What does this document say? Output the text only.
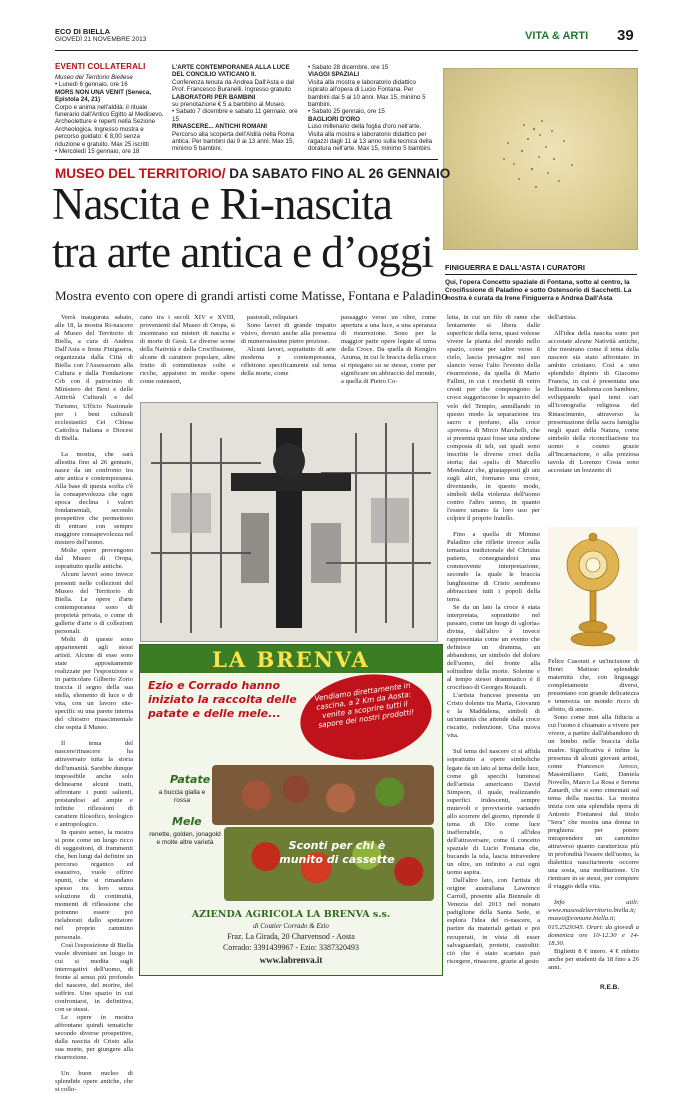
ECO DI BIELLA
GIOVEDÌ 21 NOVEMBRE 2013	VITA & ARTI 39
EVENTI COLLATERALI
Museo del Territorio Biellese
• Lunedì 6 gennaio, ore 16
MORS NON UNA VENIT (Seneca, Epistola 24, 21)
Corpo e anima nell'aldilà: il rituale funerario dall'Antico Egitto al Medioevo. Archeoletture e reperti nella Sezione Archeologica. Ingresso mostra e percorso guidato: € 8,00 senza riduzione e gratuito. Max 25 iscritti
• Mercoledì 15 gennaio, ore 18
L'ARTE CONTEMPORANEA ALLA LUCE DEL CONCILIO VATICANO II.
Conferenza tenuta da Andrea Dall'Asta e dal Prof. Francesco Buranelli. Ingresso gratuito
LABORATORI PER BAMBINI
su prenotazione € 5 a bambino al Museo.
• Sabato 7 dicembre e sabato 11 gennaio, ore 15
RINASCERE... ANTICHI ROMANI
Percorso alla scoperta dell'Aldilà nella Roma antica. Per bambini dai 9 ai 13 anni. Max 15, minimo 5 bambini.
• Sabato 28 dicembre, ore 15
VIAGGI SPAZIALI
Visita alla mostra e laboratorio didattico ispirato all'opera di Lucio Fontana. Per bambini dai 5 ai 10 anni. Max 15, minimo 5 bambini.
• Sabato 25 gennaio, ore 15
BAGLIORI D'ORO
Luso millenario della foglia d'oro nell'arte.
Visita alla mostra e laboratorio didattico per ragazzi dagli 11 ai 13 anno sulla tecnica della doratura nell'arte. Max 15, minimo 5 bambini.
MUSEO DEL TERRITORIO/ DA SABATO FINO AL 26 GENNAIO
Nascita e Ri-nascita
tra arte antica e d’oggi
Mostra evento con opere di grandi artisti come Matisse, Fontana e Paladino
FINIGUERRA E DALL'ASTA I CURATORI
Qui, l'opera Concetto spaziale di Fontana, sotto al centro, la Crocifissione di Paladino e sotto Ostensorio di Sacchetti. La mostra è curata da Irene Finiguerra e Andrea Dall'Asta

Verrà inaugurata sabato, alle 18, la mostra Ri-nascere al Museo del Territorio di Biella, a cura di Andrea Dall'Asta e Irene Finiguerra, organizzata dalla Città di Biella con l'Assessorato alla Cultura e dalla Fondazione Crb con il patrocinio di Ministero dei Beni e delle Attività Culturali e del Turismo, Ufficio Nazionale per i beni culturali ecclesiastici Cei Chiesa Cattolica Italiana e Diocesi di Biella.

La mostra, che sarà allestita fino al 26 gennaio, nasce da un confronto tra arte antica e contemporanea. Alla base di questa scelta c'è la consapevolezza che ogni epoca declina i valori fondamentali, secondo prospettive che permettono di entrare con sempre maggiore consapevolezza nel mistero dell'uomo.

Molte opere provengono dal Museo di Oropa, soprattutto quelle antiche.

Alcuni lavori sono invece presenti nelle collezioni del Museo del Territorio di Biella. Le opere d'arte contemporanea sono di proprietà privata, o come di gallerie d'arte o di collezioni personali.

Molti di queste sono appartenenti agli stessi artisti. Alcune di esse sono state appositamente realizzate per l'esposizione e in particolare Gilberto Zorio traccia il segno della sua stella, elemento di luce e di vita, con un lavoro site-specific su una parete interna del chiostro rinascimentale che ospita il Museo.

Il tema del nascere/rinascere ha attraversato tutta la storia dell'umanità. Sarebbe dunque impossibile anche solo delinearne alcuni tratti, affrontare i punti salienti, prestandosi ad ampie e infinite riflessioni di carattere filosofico, teologico e antropologico.

In questo senso, la mostra si pone come un luogo ricco di suggestioni, di frammenti che, ben lungi dal definire un percorso organico ed esaustivo, vuole offrire spunti, che si rimandano spesso tra loro senza soluzione di continuità, momenti di riflessione che potranno essere poi rielaborati dallo spettatore nel proprio cammino personale.

Così l'esposizione di Biella vuole diventare un luogo in cui si medita sugli interrogativi dell'uomo, di fronte al senso più profondo del nascere, del morire, del soffrire. Uno spazio in cui confrontarsi, in definitiva, con se stessi.

Le opere in mostra affrontano quindi tematiche secondo diverse prospettive, dalla nascita di Cristo alla sua morte, per giungere alla risurrezione.

Un buon nucleo di splendide opere antiche, che si collo-

cano tra i secoli XIV e XVIII, provenienti dal Museo di Oropa, si incentrano sui misteri di nascita e di morte di Gesù. Le diverse scene della Natività e della Crocifissione, alcune di carattere popolare, altre frutto di committenze colte e ricche, appaiono in molte opere come ostensori,

pastorali, reliquiari.

Sono lavori di grande impatto visivo, dovuto anche alla presenza di numerosissime pietre preziose.

Alcuni lavori, soprattutto di arte moderna e contemporanea, riflettono specificamente sul tema della morte, come

passaggio verso un oltre, come apertura a una luce, a una speranza di risurrezione. Sono per la maggior parte opere legate al tema della Croce. Da quella di Kengiro Azuma, in cui le braccia della croce si ripiegano su se stesse, come per significare un abbraccio del mondo, a quella di Pietro Co-

letta, in cui un filo di rame che lentamente si libera dalle superficie della terra, quasi volesse vivere la pianta del mondo nello spazio, come per salire verso il cielo, lascia presagire nel suo slancio verso l'alto l'evento della risurrezione, da quella di Mario Fallini, in cui i rocchetti di vetro creati per che compongono la croce suggeriscono lo squarcio del velo del Tempio, annullando in questo modo la separazione tra sacro e profano, alla croce «povera» di Mirco Marchelli, che si presenta quasi fosse una sindone composta di teli, sui quali sono inscritte le diverse croci della storia; dai «pali» di Marcello Mondazzi che, giustapposti gli uni sugli altri, formano una croce, diventando, in questo modo, simboli della violenza dell'uomo contro l'altro uomo, in quanto l'essere umano fa loro uso per colpire il proprio fratello.

Fino a quella di Mimmo Paladino che riflette invece sulla tematica tradizionale del Christus patiens, consegnandoci una commovente interpretazione, secondo la quale le braccia lunghissime di Cristo sembrano abbracciare tutti i popoli della terra.

Se da un lato la croce è stata interpretata, soprattutto nel passato, come un luogo di «gloria» divina, dall'altro è invece rappresentata come un evento che definisce un dramma, un abbandono, un simbolo del dolore dell'uomo, del fronte alla solitudine della morte. Solenne e al tempo stesso drammatico è il crocifisso di Georges Rouault.

L'artista francese presenta un Cristo dolente tra Maria, Giovanni e la Maddalena, simboli di un'umanità che attende dalla croce riscatto, redenzione. Una nuova vita.

Sul tema del nascere ci si affida soprattutto a opere simboliche legate da un lato al tema delle luce, come gli specchi luminosi dell'artista americano David Simpson, il quale, realizzando superfici iridescenti, sempre mutevoli e provvisorie variando allo scorrere del giorno, riprende il tema di Dio come luce inafferrabile, o all'idea dell'attraversare, come il concetto spaziale di Lucio Fontana che, bucando la tela, lascia intravedere un oltre, un infinito a cui ogni uomo aspira.

Dall'altro lato, con l'artista di origine australiana Lawrence Carroll, presente alla Biennale di Venezia del 2013 nel nonato padiglione della Santa Sede, si esplora l'idea del ri-nascere, a partire da materiali gettati e poi recuperati, in vista di esser salvaguardati, protetti, custoditi: ciò che è stato scartato può risorgere, rinascere, grazie al gesto

dell'artista.

All'idea della nascita sono poi accostate alcune Natività antiche, che mostrano come il tema della nascere sia stato affrontato in ambito cristiano. Così a uno splendido dipinto di Giacomo Francia, in cui è presentata una bellissima Madonna con bambino, sviluppando quel temi cari all'iconografia religiosa del Rinascimento, attraverso la presentazione della sacra famiglia negli spazi della Natura, come simbolo della riconciliazione tra uomo e cosmo grazie all'Incarnazione, o alla preziosa tavola di Lorenzo Costa sono accostate un bozzetto di

Felice Casorati e un'incisione di Henri Matisse: splendide maternità che, con linguaggi completamente diversi, presentano con grande delicatezza e tenerezza un mondo ricco di affetto, di amore.

Sono come inni alla fiducia a cui l'uomo è chiamato a vivere per vivere, a partire dall'abbandono di un bimbo nelle braccia della madre. Significativa è infine la presenza di alcuni giovani artisti, come Francesco Arecco, Massimiliano Gatti, Daniela Novello, Marco La Rosa e Serena Zanardi, che si sono cimentati sul tema della nascita. La mostra inizia con una splendida opera di Antonio Fontanesi dal titolo "Sera" che mostra una donna in preghiera: per potere intraprendere un cammino attraverso quanto caratterizza più in profondità l'essere dell'uomo, la dialettica nascita/morte occorre una sosta, una meditazione. Un rientrare in se stessi, per compiere il viaggio della vita.

Info utili: www.museodelterritorio.biella.it; museo@comune.biella.it; 015.2529345. Orari: da giovedì a domenica ore 10-12.30 e 14-18.30.

Biglietti 8 € intero. 4 € ridotto anche per studenti da 18 fino a 26 anni.

R.E.B.
LA BRENVA
Ezio e Corrado hanno iniziato la raccolta delle patate e delle mele...
Vendiamo direttamente in cascina, a 2 Km da Aosta: venite a scoprire tutti il sapore dei nostri prodotti!
Patate
a buccia gialla e rossa
Mele
renette, golden, jonagold e molte altre varietà	Sconti per chi è munito di cassette
AZIENDA AGRICOLA LA BRENVA s.s.
di Coutier Corrado & Ezio
Fraz. La Girada, 20 Charvensod - Aosta
Corrado: 3391439967 - Ezio: 3387320493
www.labrenva.it
